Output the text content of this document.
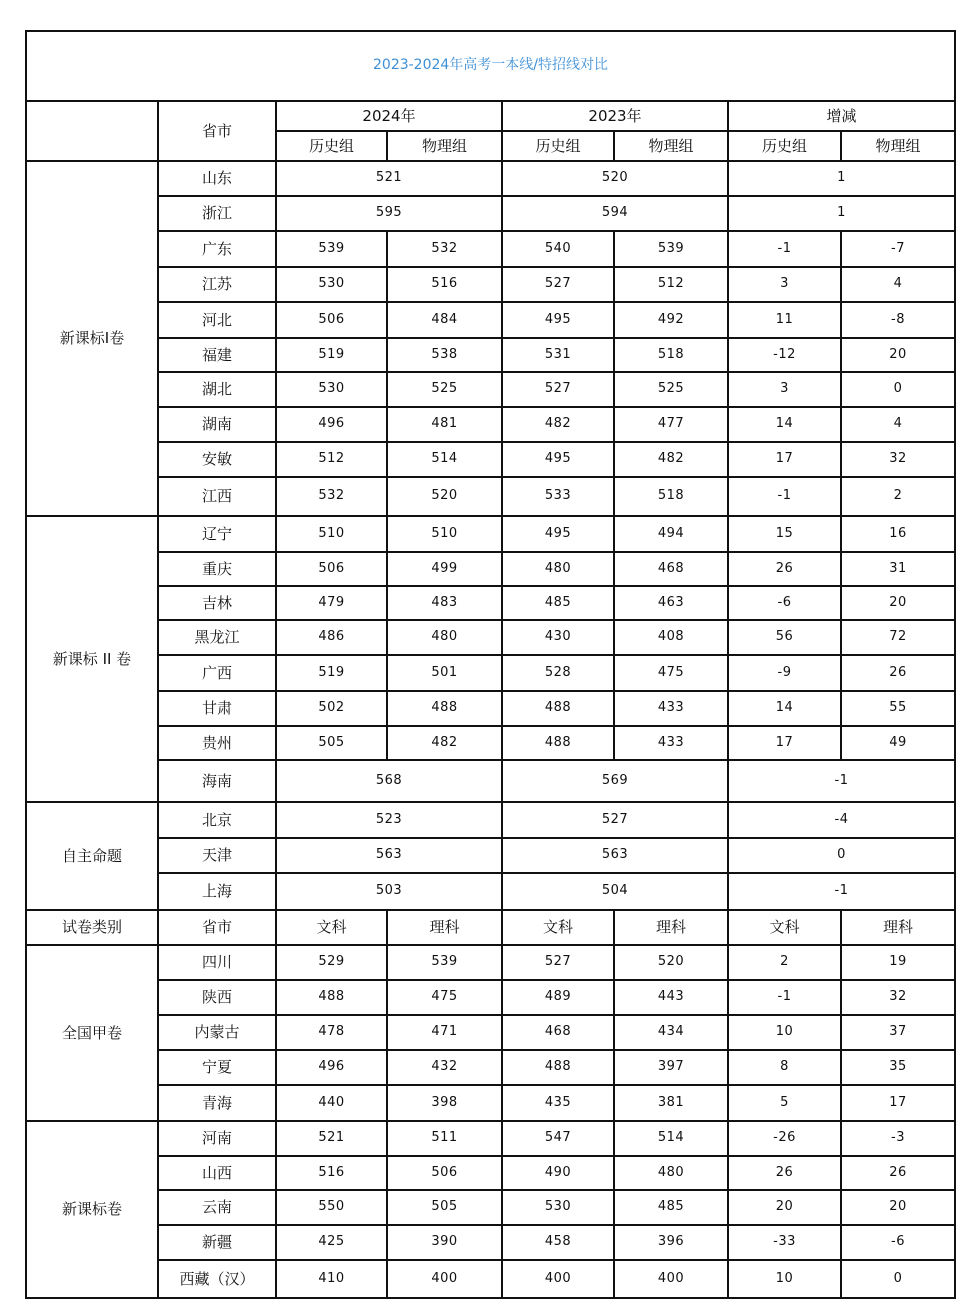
2023-2024年高考一本线/特招线对比							
	省市	2024年		2023年		增减	
		历史组	物理组	历史组	物理组	历史组	物理组
新课标I卷	山东	521		520		1	
	浙江	595		594		1	
	广东	539	532	540	539	-1	-7
	江苏	530	516	527	512	3	4
	河北	506	484	495	492	11	-8
	福建	519	538	531	518	-12	20
	湖北	530	525	527	525	3	0
	湖南	496	481	482	477	14	4
	安敏	512	514	495	482	17	32
	江西	532	520	533	518	-1	2
新课标 II 卷	辽宁	510	510	495	494	15	16
	重庆	506	499	480	468	26	31
	吉林	479	483	485	463	-6	20
	黑龙江	486	480	430	408	56	72
	广西	519	501	528	475	-9	26
	甘肃	502	488	488	433	14	55
	贵州	505	482	488	433	17	49
	海南	568		569		-1	
自主命题	北京	523		527		-4	
	天津	563		563		0	
	上海	503		504		-1	
试卷类别	省市	文科	理科	文科	理科	文科	理科
全国甲卷	四川	529	539	527	520	2	19
	陕西	488	475	489	443	-1	32
	内蒙古	478	471	468	434	10	37
	宁夏	496	432	488	397	8	35
	青海	440	398	435	381	5	17
新课标卷	河南	521	511	547	514	-26	-3
	山西	516	506	490	480	26	26
	云南	550	505	530	485	20	20
	新疆	425	390	458	396	-33	-6
	西藏（汉）	410	400	400	400	10	0
